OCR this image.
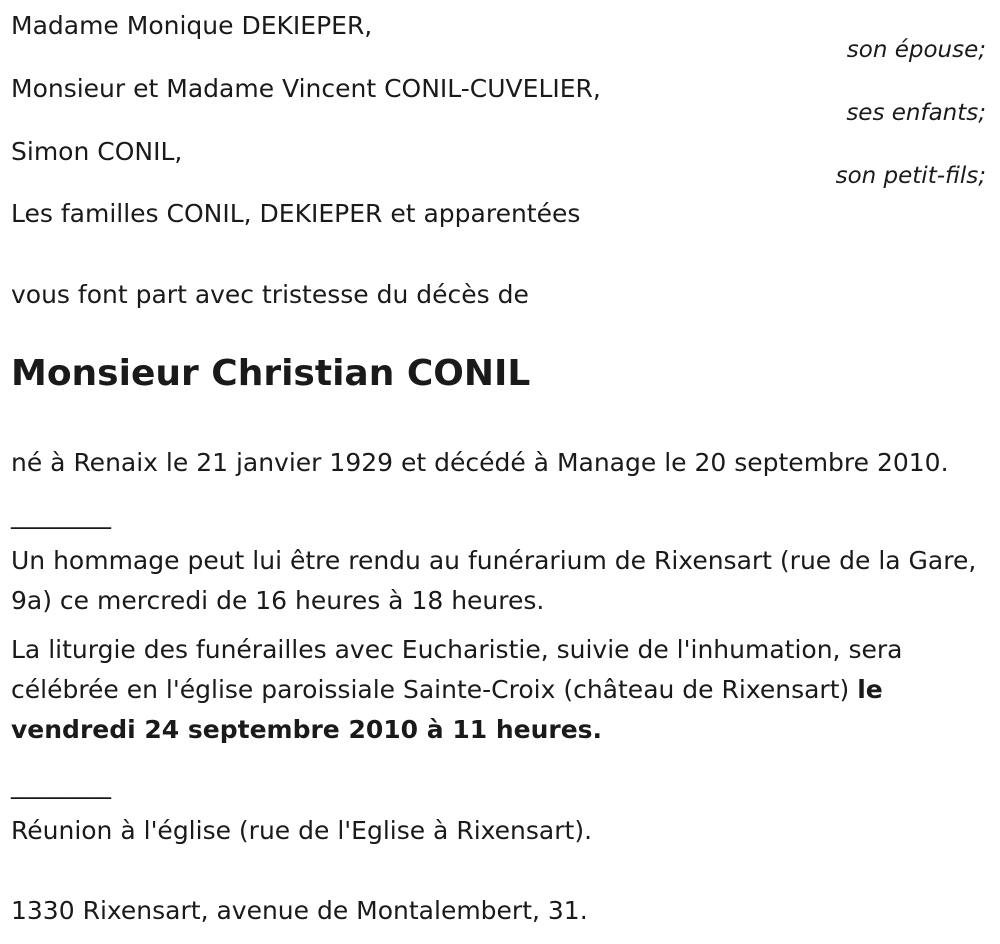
Madame Monique DEKIEPER,
son épouse;
Monsieur et Madame Vincent CONIL-CUVELIER,
ses enfants;
Simon CONIL,
son petit-fils;
Les familles CONIL, DEKIEPER et apparentées
vous font part avec tristesse du décès de
Monsieur Christian CONIL
né à Renaix le 21 janvier 1929 et décédé à Manage le 20 septembre 2010.
________
Un hommage peut lui être rendu au funérarium de Rixensart (rue de la Gare, 9a) ce mercredi de 16 heures à 18 heures.
La liturgie des funérailles avec Eucharistie, suivie de l'inhumation, sera célébrée en l'église paroissiale Sainte-Croix (château de Rixensart) le vendredi 24 septembre 2010 à 11 heures.
________
Réunion à l'église (rue de l'Eglise à Rixensart).
1330 Rixensart, avenue de Montalembert, 31.
